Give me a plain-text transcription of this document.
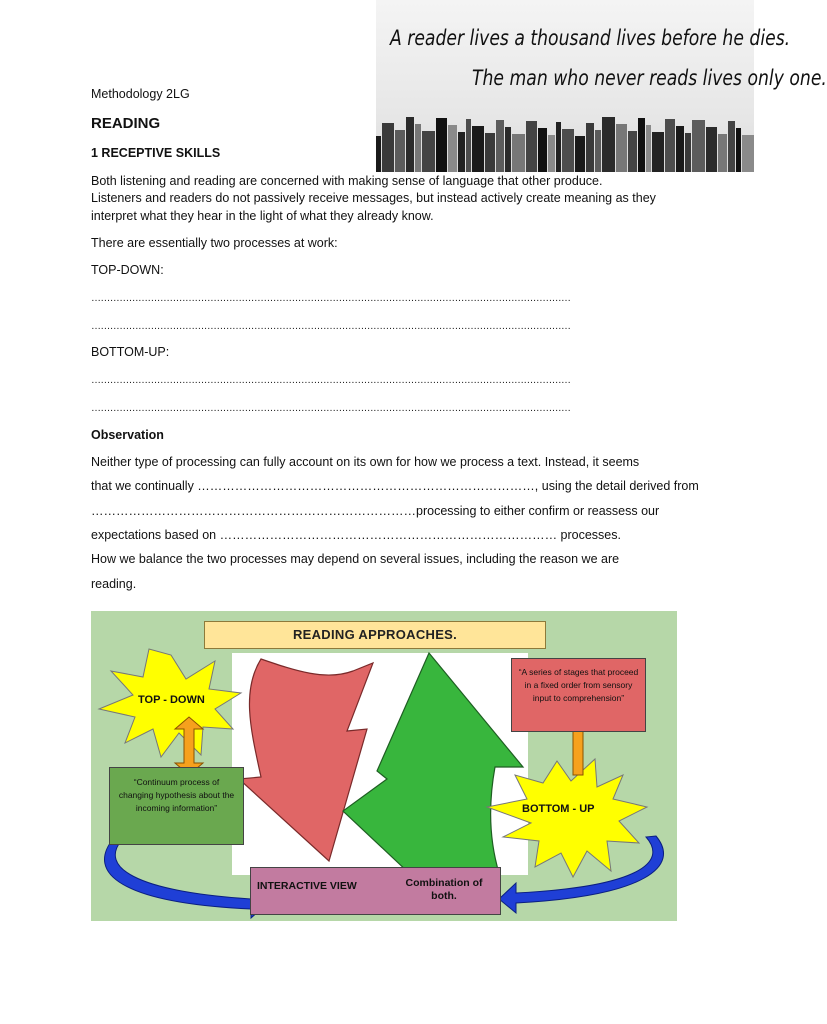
A reader lives a thousand lives before he dies.
The man who never reads lives only one.
Methodology 2LG
READING
1 RECEPTIVE SKILLS
Both listening and reading are concerned with making sense of language that other produce.
Listeners and readers do not passively receive messages, but instead actively create meaning as they
interpret what they hear in the light of what they already know.
There are essentially two processes at work:
TOP-DOWN:
………………………………………………………………………………………………………………………………………
………………………………………………………………………………………………………………………………………
BOTTOM-UP:
………………………………………………………………………………………………………………………………………
………………………………………………………………………………………………………………………………………
Observation
Neither type of processing can fully account on its own for how we process a text. Instead, it seems
that we continually ………………………………………………………………………, using the detail derived from
……………………………………………………………………processing to either confirm or reassess our
expectations based on ……………………………………………………………………… processes.
How we balance the two processes may depend on several issues, including the reason we are
reading.
READING APPROACHES.
TOP - DOWN
BOTTOM - UP
“Continuum process of changing hypothesis about the incoming information”
“A series of stages that proceed in a fixed order from sensory input to comprehension”
INTERACTIVE VIEW	Combination of both.
